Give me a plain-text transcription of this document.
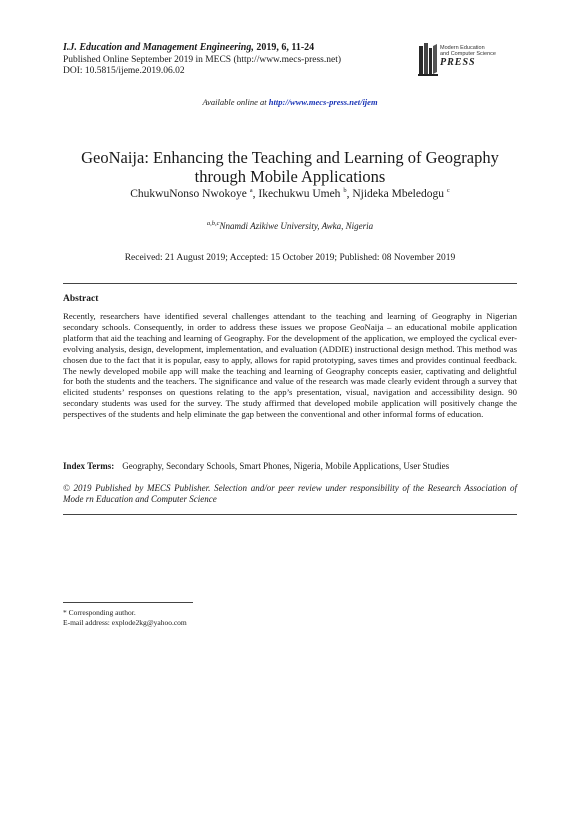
I.J. Education and Management Engineering, 2019, 6, 11-24
Published Online September 2019 in MECS (http://www.mecs-press.net)
DOI: 10.5815/ijeme.2019.06.02
Modern Education
and Computer Science
PRESS
Available online at http://www.mecs-press.net/ijem
GeoNaija: Enhancing the Teaching and Learning of Geography
through Mobile Applications
ChukwuNonso Nwokoye $^a$, Ikechukwu Umeh $^b$, Njideka Mbeledogu $^c$
$^{a,b,c}$Nnamdi Azikiwe University, Awka, Nigeria
Received: 21 August 2019; Accepted: 15 October 2019; Published: 08 November 2019
Abstract
Recently, researchers have identified several challenges attendant to the teaching and learning of Geography in Nigerian secondary schools. Consequently, in order to address these issues we propose GeoNaija – an educational mobile application platform that aid the teaching and learning of Geography. For the development of the application, we employed the cyclical ever-evolving analysis, design, development, implementation, and evaluation (ADDIE) instructional design method. This method was chosen due to the fact that it is popular, easy to apply, allows for rapid prototyping, saves times and provides continual feedback. The newly developed mobile app will make the teaching and learning of Geography concepts easier, captivating and delightful for both the students and the teachers. The significance and value of the research was made clearly evident through a survey that elicited students’ responses on questions relating to the app’s presentation, visual, navigation and accessibility design. 90 secondary students was used for the survey. The study affirmed that developed mobile application will positively change the perspectives of the students and help eliminate the gap between the conventional and other informal forms of education.
Index Terms: Geography, Secondary Schools, Smart Phones, Nigeria, Mobile Applications, User Studies
© 2019 Published by MECS Publisher. Selection and/or peer review under responsibility of the Research Association of Mode rn Education and Computer Science
* Corresponding author.
E-mail address: explode2kg@yahoo.com
